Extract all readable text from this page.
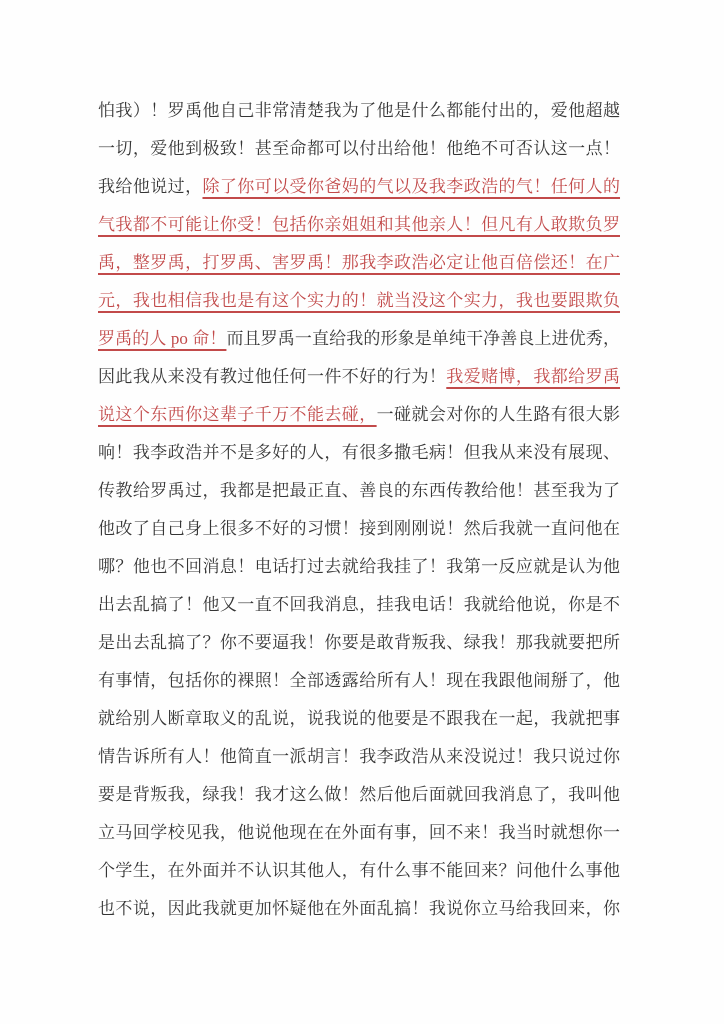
怕我）！罗禹他自己非常清楚我为了他是什么都能付出的，爱他超越
一切，爱他到极致！甚至命都可以付出给他！他绝不可否认这一点！
我给他说过，除了你可以受你爸妈的气以及我李政浩的气！任何人的
气我都不可能让你受！包括你亲姐姐和其他亲人！但凡有人敢欺负罗
禹，整罗禹，打罗禹、害罗禹！那我李政浩必定让他百倍偿还！在广
元，我也相信我也是有这个实力的！就当没这个实力，我也要跟欺负
罗禹的人 po 命！而且罗禹一直给我的形象是单纯干净善良上进优秀，
因此我从来没有教过他任何一件不好的行为！我爱赌博，我都给罗禹
说这个东西你这辈子千万不能去碰，一碰就会对你的人生路有很大影
响！我李政浩并不是多好的人，有很多撒毛病！但我从来没有展现、
传教给罗禹过，我都是把最正直、善良的东西传教给他！甚至我为了
他改了自己身上很多不好的习惯！接到刚刚说！然后我就一直问他在
哪？他也不回消息！电话打过去就给我挂了！我第一反应就是认为他
出去乱搞了！他又一直不回我消息，挂我电话！我就给他说，你是不
是出去乱搞了？你不要逼我！你要是敢背叛我、绿我！那我就要把所
有事情，包括你的裸照！全部透露给所有人！现在我跟他闹掰了，他
就给别人断章取义的乱说，说我说的他要是不跟我在一起，我就把事
情告诉所有人！他简直一派胡言！我李政浩从来没说过！我只说过你
要是背叛我，绿我！我才这么做！然后他后面就回我消息了，我叫他
立马回学校见我，他说他现在在外面有事，回不来！我当时就想你一
个学生，在外面并不认识其他人，有什么事不能回来？问他什么事他
也不说，因此我就更加怀疑他在外面乱搞！我说你立马给我回来，你
